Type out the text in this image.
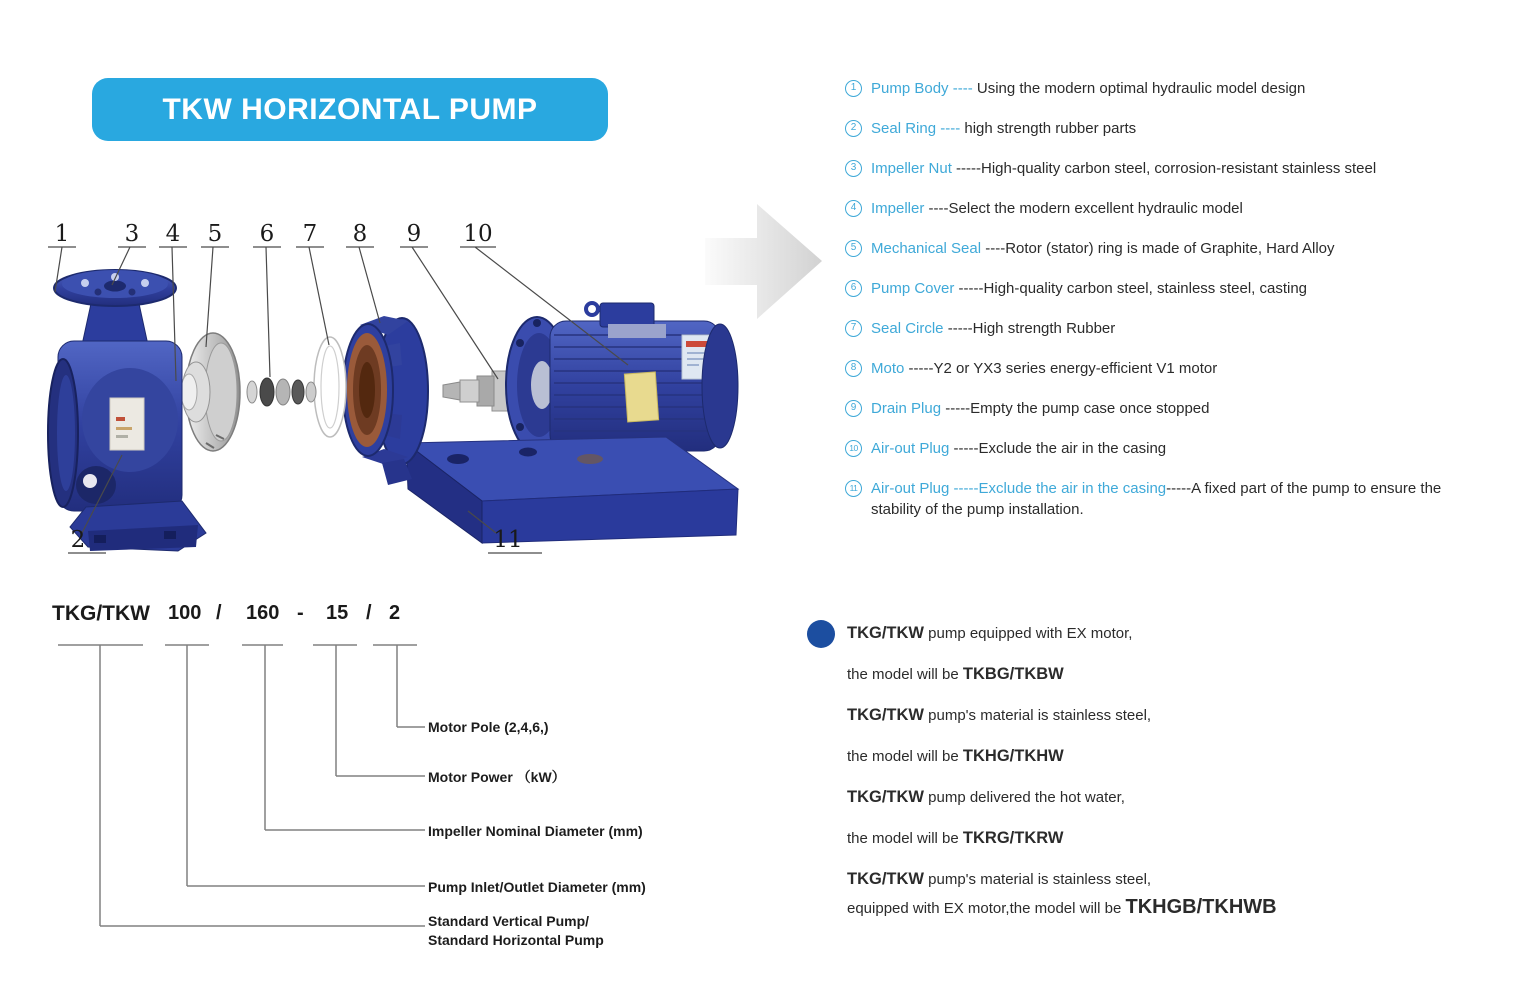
TKW HORIZONTAL PUMP
1 3 4 5 6 7 8 9 10
2	11
1 Pump Body ---- Using the modern optimal hydraulic model design
2 Seal Ring ---- high strength rubber parts
3 Impeller Nut -----High-quality carbon steel, corrosion-resistant stainless steel
4 Impeller ----Select the modern excellent hydraulic model
5 Mechanical Seal ----Rotor (stator) ring is made of Graphite, Hard Alloy
6 Pump Cover -----High-quality carbon steel, stainless steel, casting
7 Seal Circle -----High strength Rubber
8 Moto -----Y2 or YX3 series energy-efficient V1 motor
9 Drain Plug -----Empty the pump case once stopped
10 Air-out Plug -----Exclude the air in the casing
11 Air-out Plug -----Exclude the air in the casing-----A fixed part of the pump to ensure the stability of the pump installation.
TKG/TKW 100 / 160 - 15 / 2
Motor Pole (2,4,6,)
Motor Power （kW）
Impeller Nominal Diameter (mm)
Pump Inlet/Outlet Diameter (mm)
Standard Vertical Pump/
Standard Horizontal Pump
TKG/TKW pump equipped with EX motor,
the model will be TKBG/TKBW
TKG/TKW pump's material is stainless steel,
the model will be TKHG/TKHW
TKG/TKW pump delivered the hot water,
the model will be TKRG/TKRW
TKG/TKW pump's material is stainless steel,
equipped with EX motor,the model will be TKHGB/TKHWB
